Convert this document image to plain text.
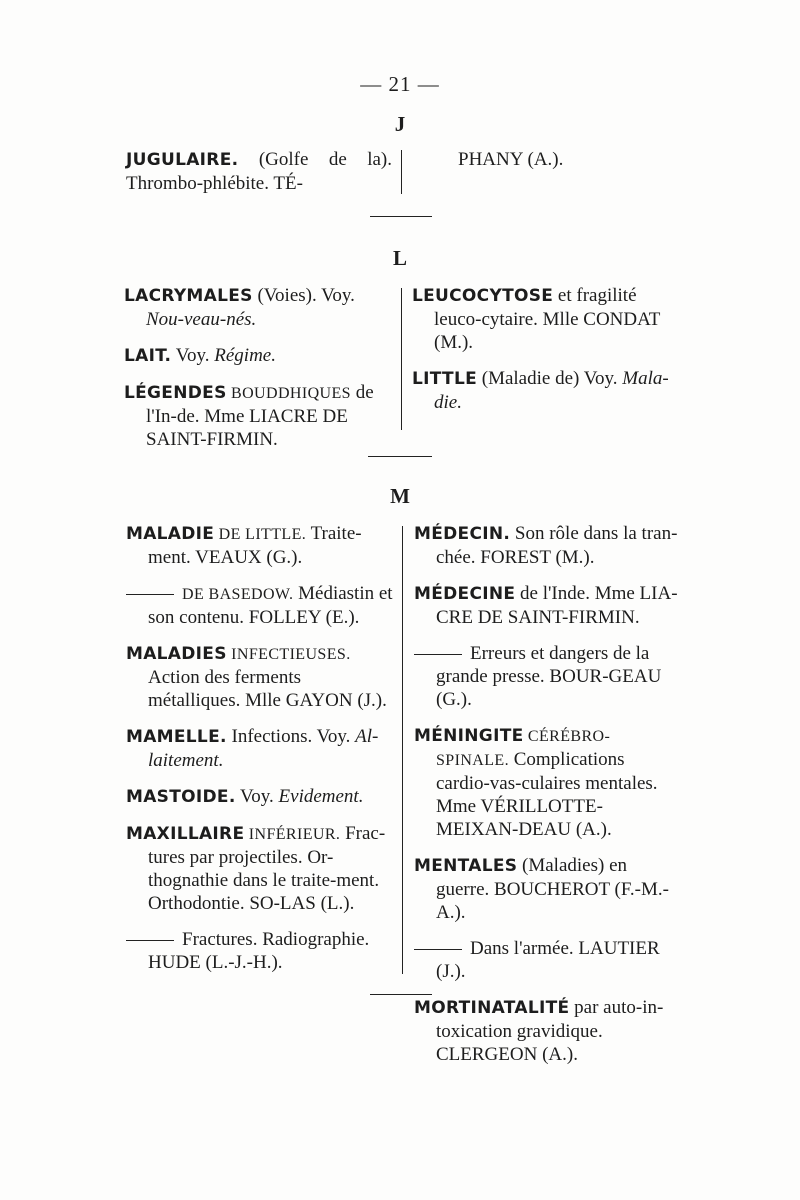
— 21 —
J

JUGULAIRE. (Golfe de la). Thrombo-phlébite. TÉ-

PHANY (A.).

L

LACRYMALES (Voies). Voy. Nou-veau-nés.

LAIT. Voy. Régime.

LÉGENDES BOUDDHIQUES de l'In-de. Mme LIACRE DE SAINT-FIRMIN.

LEUCOCYTOSE et fragilité leuco-cytaire. Mlle CONDAT (M.).

LITTLE (Maladie de) Voy. Mala-die.

M

MALADIE DE LITTLE. Traite-ment. VEAUX (G.).

DE BASEDOW. Médiastin et son contenu. FOLLEY (E.).

MALADIES INFECTIEUSES. Action des ferments métalliques. Mlle GAYON (J.).

MAMELLE. Infections. Voy. Al-laitement.

MASTOIDE. Voy. Evidement.

MAXILLAIRE INFÉRIEUR. Frac-tures par projectiles. Or-thognathie dans le traite-ment. Orthodontie. SO-LAS (L.).

Fractures. Radiographie. HUDE (L.-J.-H.).

MÉDECIN. Son rôle dans la tran-chée. FOREST (M.).

MÉDECINE de l'Inde. Mme LIA-CRE DE SAINT-FIRMIN.

Erreurs et dangers de la grande presse. BOUR-GEAU (G.).

MÉNINGITE CÉRÉBRO-SPINALE. Complications cardio-vas-culaires mentales. Mme VÉRILLOTTE-MEIXAN-DEAU (A.).

MENTALES (Maladies) en guerre. BOUCHEROT (F.-M.-A.).

Dans l'armée. LAUTIER (J.).

MORTINATALITÉ par auto-in-toxication gravidique. CLERGEON (A.).
